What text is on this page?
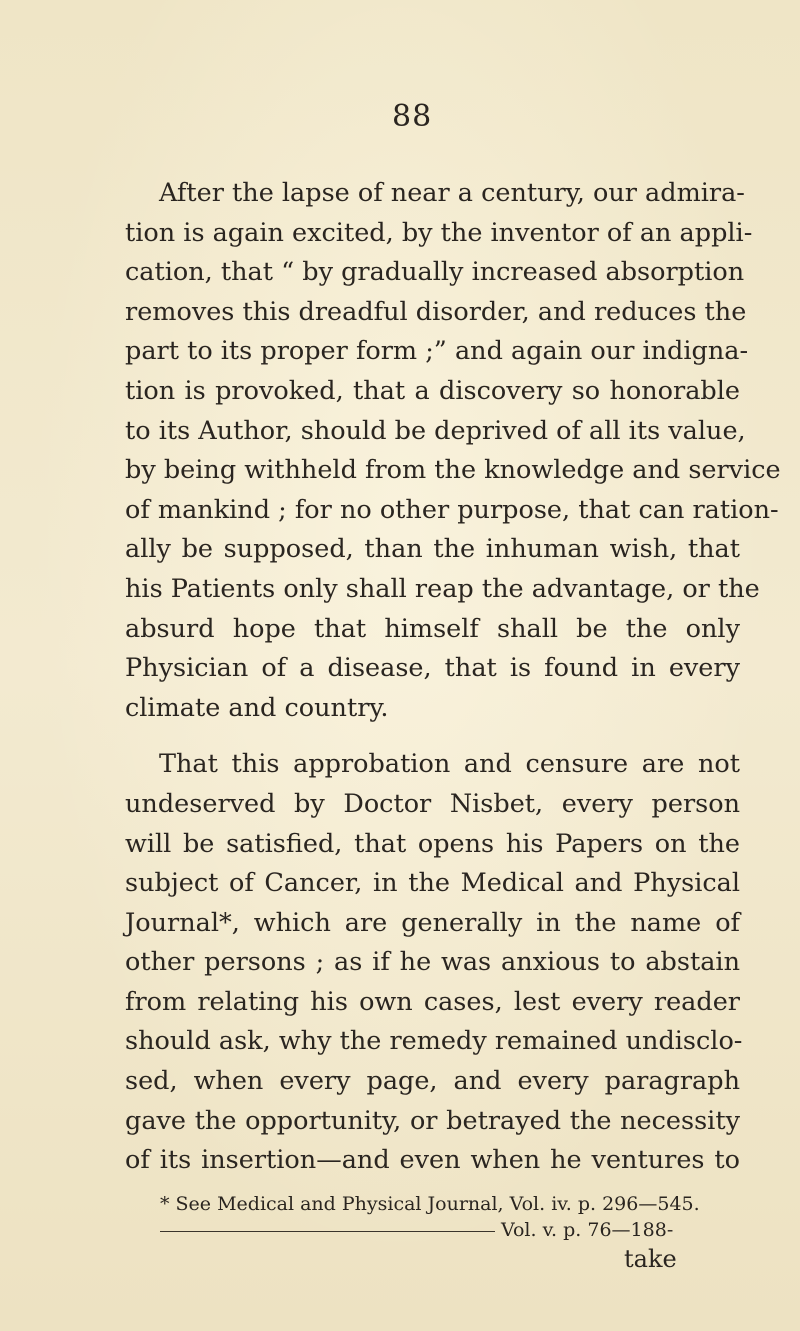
88
After the lapse of near a century, our admira-
tion is again excited, by the inventor of an appli-
cation, that “ by gradually increased absorption
removes this dreadful disorder, and reduces the
part to its proper form ;” and again our indigna-
tion is provoked, that a discovery so honorable
to its Author, should be deprived of all its value,
by being withheld from the knowledge and service
of mankind ; for no other purpose, that can ration-
ally be supposed, than the inhuman wish, that
his Patients only shall reap the advantage, or the
absurd hope that himself shall be the only
Physician of a disease, that is found in every
climate and country.
That this approbation and censure are not
undeserved by Doctor Nisbet, every person
will be satisfied, that opens his Papers on the
subject of Cancer, in the Medical and Physical
Journal*, which are generally in the name of
other persons ; as if he was anxious to abstain
from relating his own cases, lest every reader
should ask, why the remedy remained undisclo-
sed, when every page, and every paragraph
gave the opportunity, or betrayed the necessity
of its insertion—and even when he ventures to
* See Medical and Physical Journal, Vol. iv. p. 296—545.
Vol. v. p. 76—188-
take
